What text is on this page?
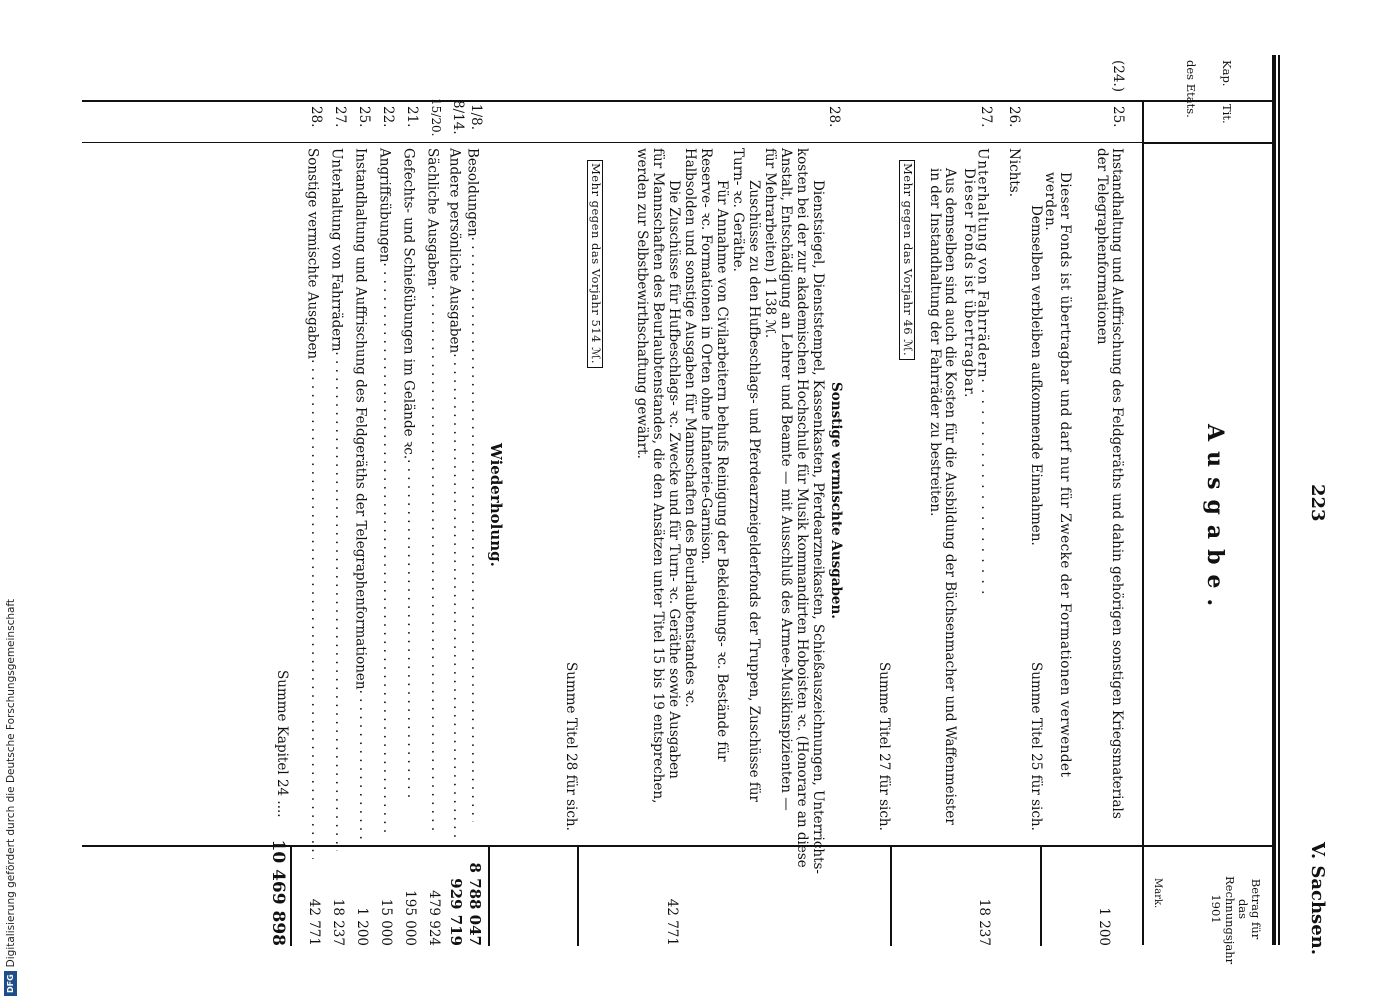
223
V. Sachsen.
Kap.
Tit.
des Etats.
Betrag für das Rechnungsjahr 1901
Mark.
Ausgabe.
(24.)
25.
Instandhaltung und Auffrischung des Feldgeräths und dahin gehörigen sonstigen Kriegsmaterials der Telegraphenformationen
Dieser Fonds ist übertragbar und darf nur für Zwecke der Formationen verwendet werden.
Demselben verbleiben aufkommende Einnahmen.
1 200
Summe Titel 25 für sich.
26.
Nichts.
27.
Unterhaltung von Fahrrädern. . .
Dieser Fonds ist übertragbar.
Aus demselben sind auch die Kosten für die Ausbildung der Büchsenmacher und Waffenmeister in der Instandhaltung der Fahrräder zu bestreiten.
Mehr gegen das Vorjahr 46 ℳ.
18 237
Summe Titel 27 für sich.
28.
Sonstige vermischte Ausgaben.
Dienstsiegel, Dienststempel, Kassenkasten, Pferdearzneikasten, Schießauszeichnungen, Unterrichts-
kosten bei der zur akademischen Hochschule für Musik kommandirten Hoboisten ꝛc. (Honorare an diese
Anstalt, Entschädigung an Lehrer und Beamte — mit Ausschluß des Armee-Musikinspizienten —
für Mehrarbeiten) 1 138 ℳ.
Zuschüsse zu den Hufbeschlags- und Pferdearzneigelderfonds der Truppen, Zuschüsse für
Turn- ꝛc. Geräthe.
Für Annahme von Civilarbeitern behufs Reinigung der Bekleidungs- ꝛc. Bestände für
Reserve- ꝛc. Formationen in Orten ohne Infanterie-Garnison.
Halbsolden und sonstige Ausgaben für Mannschaften des Beurlaubtenstandes ꝛc.
Die Zuschüsse für Hufbeschlags- ꝛc. Zwecke und für Turn- ꝛc. Geräthe sowie Ausgaben
für Mannschaften des Beurlaubtenstandes, die den Ansätzen unter Titel 15 bis 19 entsprechen,
werden zur Selbstbewirthschaftung gewährt.
Mehr gegen das Vorjahr 514 ℳ.
42 771
Summe Titel 28 für sich.
Wiederholung.
1/8.
Besoldungen. . .
8 788 047
8/14.
Andere persönliche Ausgaben. . .
929 719
15/20.
Sächliche Ausgaben. . .
479 924
21.
Gefechts- und Schießübungen im Gelände ꝛc.. . .
195 000
22.
Angriffsübungen. . .
15 000
25.
Instandhaltung und Auffrischung des Feldgeräths der Telegraphenformationen. . .
1 200
27.
Unterhaltung von Fahrrädern. . .
18 237
28.
Sonstige vermischte Ausgaben. . .
42 771
Summe Kapitel 24 ....
10 469 898
DFG
Digitalisierung gefördert durch die Deutsche Forschungsgemeinschaft
